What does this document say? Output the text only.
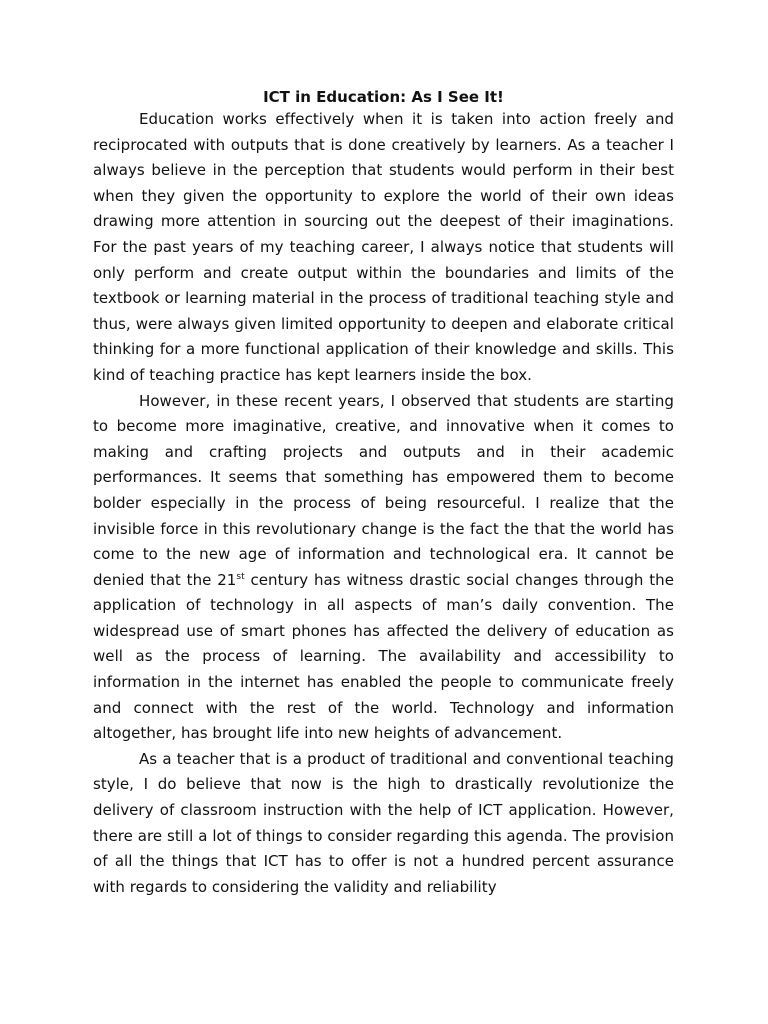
ICT in Education: As I See It!

Education works effectively when it is taken into action freely and reciprocated with outputs that is done creatively by learners. As a teacher I always believe in the perception that students would perform in their best when they given the opportunity to explore the world of their own ideas drawing more attention in sourcing out the deepest of their imaginations. For the past years of my teaching career, I always notice that students will only perform and create output within the boundaries and limits of the textbook or learning material in the process of traditional teaching style and thus, were always given limited opportunity to deepen and elaborate critical thinking for a more functional application of their knowledge and skills. This kind of teaching practice has kept learners inside the box.

However, in these recent years, I observed that students are starting to become more imaginative, creative, and innovative when it comes to making and crafting projects and outputs and in their academic performances. It seems that something has empowered them to become bolder especially in the process of being resourceful. I realize that the invisible force in this revolutionary change is the fact the that the world has come to the new age of information and technological era. It cannot be denied that the 21st century has witness drastic social changes through the application of technology in all aspects of man’s daily convention. The widespread use of smart phones has affected the delivery of education as well as the process of learning. The availability and accessibility to information in the internet has enabled the people to communicate freely and connect with the rest of the world. Technology and information altogether, has brought life into new heights of advancement.

As a teacher that is a product of traditional and conventional teaching style, I do believe that now is the high to drastically revolutionize the delivery of classroom instruction with the help of ICT application. However, there are still a lot of things to consider regarding this agenda. The provision of all the things that ICT has to offer is not a hundred percent assurance with regards to considering the validity and reliability
